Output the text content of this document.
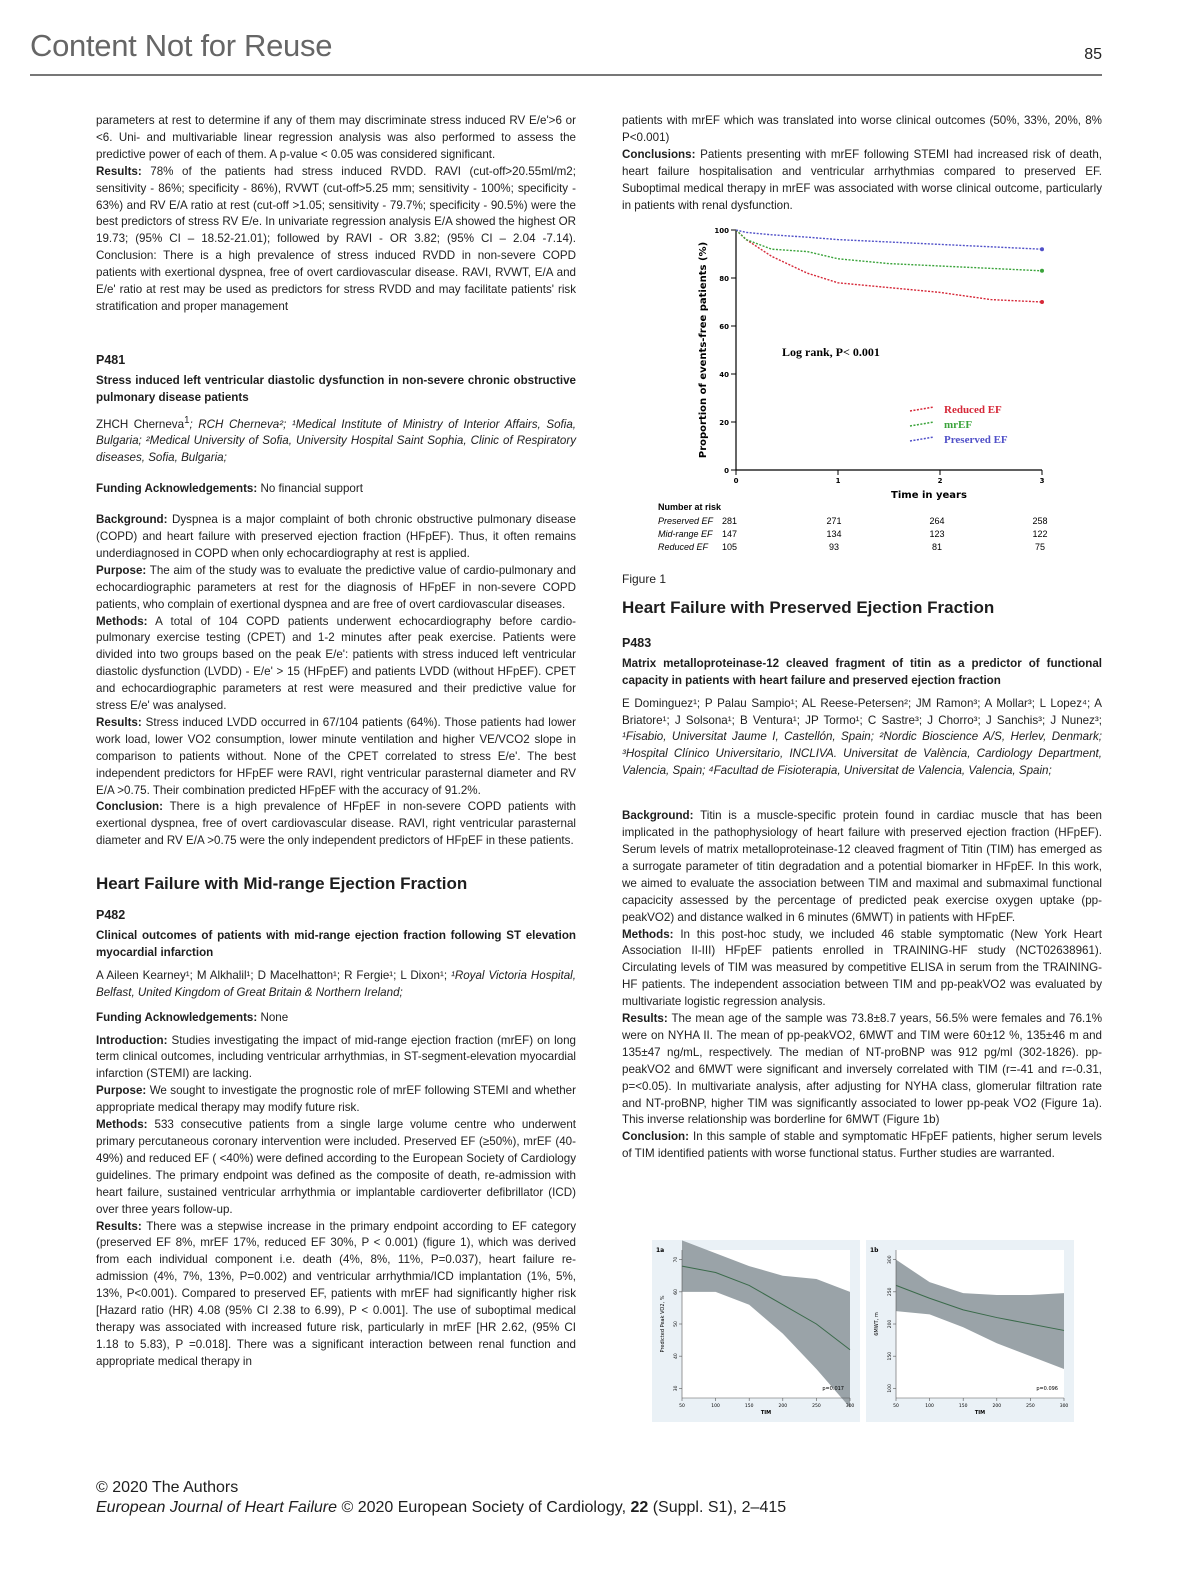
Content Not for Reuse	85

parameters at rest to determine if any of them may discriminate stress induced RV E/e'>6 or <6. Uni- and multivariable linear regression analysis was also performed to assess the predictive power of each of them. A p-value < 0.05 was considered significant.

Results: 78% of the patients had stress induced RVDD. RAVI (cut-off>20.55ml/m2; sensitivity - 86%; specificity - 86%), RVWT (cut-off>5.25 mm; sensitivity - 100%; specificity - 63%) and RV E/A ratio at rest (cut-off >1.05; sensitivity - 79.7%; specificity - 90.5%) were the best predictors of stress RV E/e. In univariate regression analysis E/A showed the highest OR 19.73; (95% CI – 18.52-21.01); followed by RAVI - OR 3.82; (95% CI – 2.04 -7.14). Conclusion: There is a high prevalence of stress induced RVDD in non-severe COPD patients with exertional dyspnea, free of overt cardiovascular disease. RAVI, RVWT, E/A and E/e' ratio at rest may be used as predictors for stress RVDD and may facilitate patients' risk stratification and proper management

P481

Stress induced left ventricular diastolic dysfunction in non-severe chronic obstructive pulmonary disease patients

ZHCH Cherneva$^1$; RCH Cherneva²; ¹Medical Institute of Ministry of Interior Affairs, Sofia, Bulgaria; ²Medical University of Sofia, University Hospital Saint Sophia, Clinic of Respiratory diseases, Sofia, Bulgaria;

Funding Acknowledgements: No financial support

Background: Dyspnea is a major complaint of both chronic obstructive pulmonary disease (COPD) and heart failure with preserved ejection fraction (HFpEF). Thus, it often remains underdiagnosed in COPD when only echocardiography at rest is applied.

Purpose: The aim of the study was to evaluate the predictive value of cardio-pulmonary and echocardiographic parameters at rest for the diagnosis of HFpEF in non-severe COPD patients, who complain of exertional dyspnea and are free of overt cardiovascular diseases.

Methods: A total of 104 COPD patients underwent echocardiography before cardio-pulmonary exercise testing (CPET) and 1-2 minutes after peak exercise. Patients were divided into two groups based on the peak E/e': patients with stress induced left ventricular diastolic dysfunction (LVDD) - E/e' > 15 (HFpEF) and patients LVDD (without HFpEF). CPET and echocardiographic parameters at rest were measured and their predictive value for stress E/e' was analysed.

Results: Stress induced LVDD occurred in 67/104 patients (64%). Those patients had lower work load, lower VO2 consumption, lower minute ventilation and higher VE/VCO2 slope in comparison to patients without. None of the CPET correlated to stress E/e'. The best independent predictors for HFpEF were RAVI, right ventricular parasternal diameter and RV E/A >0.75. Their combination predicted HFpEF with the accuracy of 91.2%.

Conclusion: There is a high prevalence of HFpEF in non-severe COPD patients with exertional dyspnea, free of overt cardiovascular disease. RAVI, right ventricular parasternal diameter and RV E/A >0.75 were the only independent predictors of HFpEF in these patients.

Heart Failure with Mid-range Ejection Fraction

P482

Clinical outcomes of patients with mid-range ejection fraction following ST elevation myocardial infarction

A Aileen Kearney¹; M Alkhalil¹; D Macelhatton¹; R Fergie¹; L Dixon¹; ¹Royal Victoria Hospital, Belfast, United Kingdom of Great Britain & Northern Ireland;

Funding Acknowledgements: None

Introduction: Studies investigating the impact of mid-range ejection fraction (mrEF) on long term clinical outcomes, including ventricular arrhythmias, in ST-segment-elevation myocardial infarction (STEMI) are lacking.

Purpose: We sought to investigate the prognostic role of mrEF following STEMI and whether appropriate medical therapy may modify future risk.

Methods: 533 consecutive patients from a single large volume centre who underwent primary percutaneous coronary intervention were included. Preserved EF (≥50%), mrEF (40-49%) and reduced EF ( <40%) were defined according to the European Society of Cardiology guidelines. The primary endpoint was defined as the composite of death, re-admission with heart failure, sustained ventricular arrhythmia or implantable cardioverter defibrillator (ICD) over three years follow-up.

Results: There was a stepwise increase in the primary endpoint according to EF category (preserved EF 8%, mrEF 17%, reduced EF 30%, P < 0.001) (figure 1), which was derived from each individual component i.e. death (4%, 8%, 11%, P=0.037), heart failure re-admission (4%, 7%, 13%, P=0.002) and ventricular arrhythmia/ICD implantation (1%, 5%, 13%, P<0.001). Compared to preserved EF, patients with mrEF had significantly higher risk [Hazard ratio (HR) 4.08 (95% CI 2.38 to 6.99), P < 0.001]. The use of suboptimal medical therapy was associated with increased future risk, particularly in mrEF [HR 2.62, (95% CI 1.18 to 5.83), P =0.018]. There was a significant interaction between renal function and appropriate medical therapy in

patients with mrEF which was translated into worse clinical outcomes (50%, 33%, 20%, 8% P<0.001)

Conclusions: Patients presenting with mrEF following STEMI had increased risk of death, heart failure hospitalisation and ventricular arrhythmias compared to preserved EF. Suboptimal medical therapy in mrEF was associated with worse clinical outcome, particularly in patients with renal dysfunction.

0
20
40
60
80
100
0	1	2	3
Proportion of events-free patients (%)
Time in years
Log rank, P< 0.001
Reduced EF
mrEF
Preserved EF
Number at risk
Preserved EF 281	271	264	258
Mid-range EF 147	134	123	122
Reduced EF 105	93	81	75
Figure 1
Heart Failure with Preserved Ejection Fraction

P483

Matrix metalloproteinase-12 cleaved fragment of titin as a predictor of functional capacity in patients with heart failure and preserved ejection fraction

E Dominguez¹; P Palau Sampio¹; AL Reese-Petersen²; JM Ramon³; A Mollar³; L Lopez⁴; A Briatore¹; J Solsona¹; B Ventura¹; JP Tormo¹; C Sastre³; J Chorro³; J Sanchis³; J Nunez³; ¹Fisabio, Universitat Jaume I, Castellón, Spain; ²Nordic Bioscience A/S, Herlev, Denmark; ³Hospital Clínico Universitario, INCLIVA. Universitat de València, Cardiology Department, Valencia, Spain; ⁴Facultad de Fisioterapia, Universitat de Valencia, Valencia, Spain;

Background: Titin is a muscle-specific protein found in cardiac muscle that has been implicated in the pathophysiology of heart failure with preserved ejection fraction (HFpEF). Serum levels of matrix metalloproteinase-12 cleaved fragment of Titin (TIM) has emerged as a surrogate parameter of titin degradation and a potential biomarker in HFpEF. In this work, we aimed to evaluate the association between TIM and maximal and submaximal functional capacicity assessed by the percentage of predicted peak exercise oxygen uptake (pp-peakVO2) and distance walked in 6 minutes (6MWT) in patients with HFpEF.

Methods: In this post-hoc study, we included 46 stable symptomatic (New York Heart Association II-III) HFpEF patients enrolled in TRAINING-HF study (NCT02638961). Circulating levels of TIM was measured by competitive ELISA in serum from the TRAINING-HF patients. The independent association between TIM and pp-peakVO2 was evaluated by multivariate logistic regression analysis.

Results: The mean age of the sample was 73.8±8.7 years, 56.5% were females and 76.1% were on NYHA II. The mean of pp-peakVO2, 6MWT and TIM were 60±12 %, 135±46 m and 135±47 ng/mL, respectively. The median of NT-proBNP was 912 pg/ml (302-1826). pp-peakVO2 and 6MWT were significant and inversely correlated with TIM (r=-41 and r=-0.31, p=<0.05). In multivariate analysis, after adjusting for NYHA class, glomerular filtration rate and NT-proBNP, higher TIM was significantly associated to lower pp-peak VO2 (Figure 1a). This inverse relationship was borderline for 6MWT (Figure 1b)

Conclusion: In this sample of stable and symptomatic HFpEF patients, higher serum levels of TIM identified patients with worse functional status. Further studies are warranted.

30
40
50
60
70
50	100	150	200	250	300
TIM
Predicted Peak VO2, %
p=0.017
1a
100
150
200
250
300
50	100	150	200	250	300
TIM
6MWT, m
p=0.096
1b
© 2020 The Authors
European Journal of Heart Failure © 2020 European Society of Cardiology, 22 (Suppl. S1), 2–415
